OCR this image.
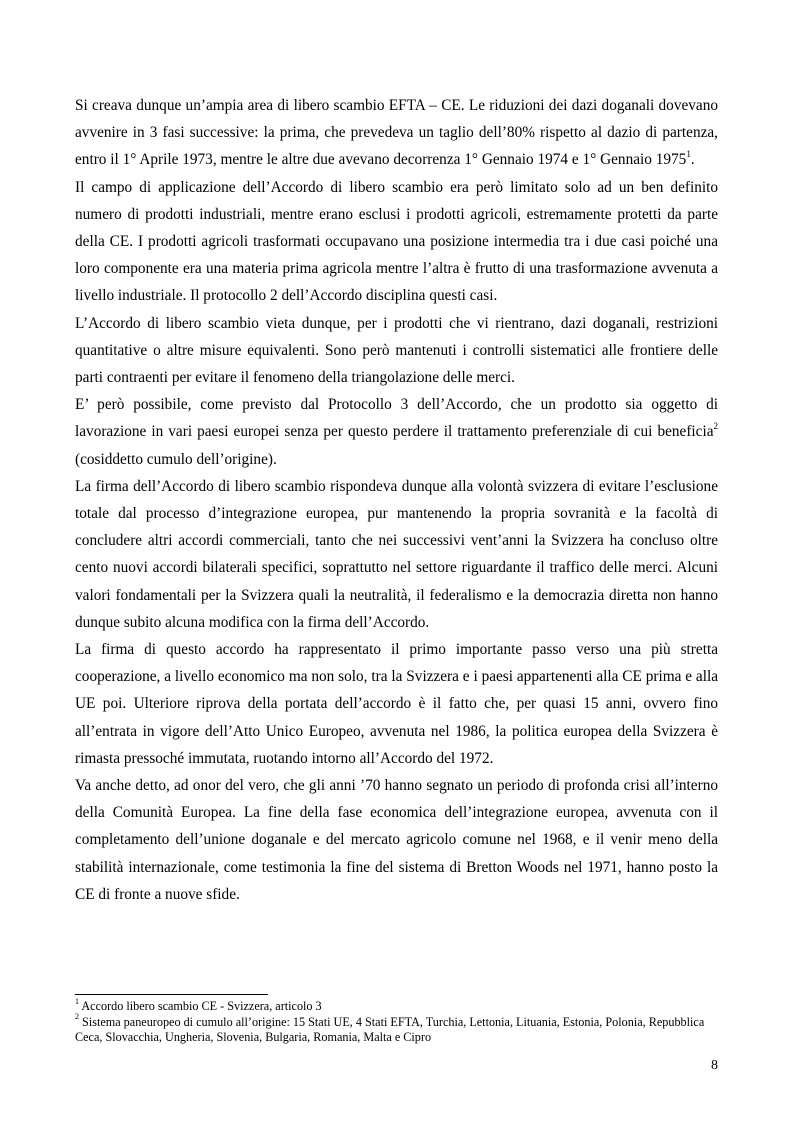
Si creava dunque un’ampia area di libero scambio EFTA – CE. Le riduzioni dei dazi doganali dovevano avvenire in 3 fasi successive: la prima, che prevedeva un taglio dell’80% rispetto al dazio di partenza, entro il 1° Aprile 1973, mentre le altre due avevano decorrenza 1° Gennaio 1974 e 1° Gennaio 1975$^1$.

Il campo di applicazione dell’Accordo di libero scambio era però limitato solo ad un ben definito numero di prodotti industriali, mentre erano esclusi i prodotti agricoli, estremamente protetti da parte della CE. I prodotti agricoli trasformati occupavano una posizione intermedia tra i due casi poiché una loro componente era una materia prima agricola mentre l’altra è frutto di una trasformazione avvenuta a livello industriale. Il protocollo 2 dell’Accordo disciplina questi casi.

L’Accordo di libero scambio vieta dunque, per i prodotti che vi rientrano, dazi doganali, restrizioni quantitative o altre misure equivalenti. Sono però mantenuti i controlli sistematici alle frontiere delle parti contraenti per evitare il fenomeno della triangolazione delle merci.

E’ però possibile, come previsto dal Protocollo 3 dell’Accordo, che un prodotto sia oggetto di lavorazione in vari paesi europei senza per questo perdere il trattamento preferenziale di cui beneficia$^2$ (cosiddetto cumulo dell’origine).

La firma dell’Accordo di libero scambio rispondeva dunque alla volontà svizzera di evitare l’esclusione totale dal processo d’integrazione europea, pur mantenendo la propria sovranità e la facoltà di concludere altri accordi commerciali, tanto che nei successivi vent’anni la Svizzera ha concluso oltre cento nuovi accordi bilaterali specifici, soprattutto nel settore riguardante il traffico delle merci. Alcuni valori fondamentali per la Svizzera quali la neutralità, il federalismo e la democrazia diretta non hanno dunque subito alcuna modifica con la firma dell’Accordo.

La firma di questo accordo ha rappresentato il primo importante passo verso una più stretta cooperazione, a livello economico ma non solo, tra la Svizzera e i paesi appartenenti alla CE prima e alla UE poi. Ulteriore riprova della portata dell’accordo è il fatto che, per quasi 15 anni, ovvero fino all’entrata in vigore dell’Atto Unico Europeo, avvenuta nel 1986, la politica europea della Svizzera è rimasta pressoché immutata, ruotando intorno all’Accordo del 1972.

Va anche detto, ad onor del vero, che gli anni ’70 hanno segnato un periodo di profonda crisi all’interno della Comunità Europea. La fine della fase economica dell’integrazione europea, avvenuta con il completamento dell’unione doganale e del mercato agricolo comune nel 1968, e il venir meno della stabilità internazionale, come testimonia la fine del sistema di Bretton Woods nel 1971, hanno posto la CE di fronte a nuove sfide.

$^1$ Accordo libero scambio CE - Svizzera, articolo 3

$^2$ Sistema paneuropeo di cumulo all’origine: 15 Stati UE, 4 Stati EFTA, Turchia, Lettonia, Lituania, Estonia, Polonia, Repubblica Ceca, Slovacchia, Ungheria, Slovenia, Bulgaria, Romania, Malta e Cipro

8
